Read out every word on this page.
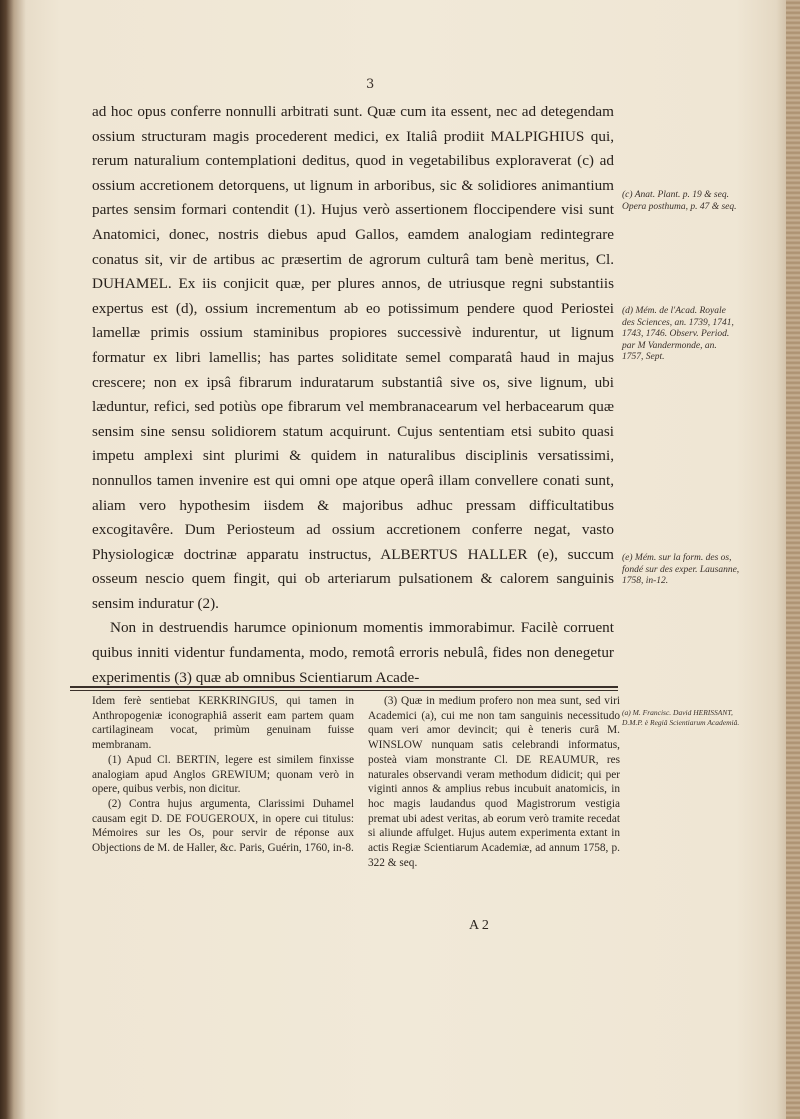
3

ad hoc opus conferre nonnulli arbitrati sunt. Quæ cum ita essent, nec ad detegendam ossium structuram magis procederent medici, ex Italiâ prodiit MALPIGHIUS qui, rerum naturalium contemplationi deditus, quod in vegetabilibus exploraverat (c) ad ossium accretionem detorquens, ut lignum in arboribus, sic & solidiores animantium partes sensim formari contendit (1). Hujus verò assertionem floccipendere visi sunt Anatomici, donec, nostris diebus apud Gallos, eamdem analogiam redintegrare conatus sit, vir de artibus ac præsertim de agrorum culturâ tam benè meritus, Cl. DUHAMEL. Ex iis conjicit quæ, per plures annos, de utriusque regni substantiis expertus est (d), ossium incrementum ab eo potissimum pendere quod Periostei lamellæ primis ossium staminibus propiores successivè indurentur, ut lignum formatur ex libri lamellis; has partes soliditate semel comparatâ haud in majus crescere; non ex ipsâ fibrarum induratarum substantiâ sive os, sive lignum, ubi læduntur, refici, sed potiùs ope fibrarum vel membranacearum vel herbacearum quæ sensim sine sensu solidiorem statum acquirunt. Cujus sententiam etsi subito quasi impetu amplexi sint plurimi & quidem in naturalibus disciplinis versatissimi, nonnullos tamen invenire est qui omni ope atque operâ illam convellere conati sunt, aliam vero hypothesim iisdem & majoribus adhuc pressam difficultatibus excogitavêre. Dum Periosteum ad ossium accretionem conferre negat, vasto Physiologicæ doctrinæ apparatu instructus, ALBERTUS HALLER (e), succum osseum nescio quem fingit, qui ob arteriarum pulsationem & calorem sanguinis sensim induratur (2).

Non in destruendis harumce opinionum momentis immorabimur. Facilè corruent quibus inniti videntur fundamenta, modo, remotâ erroris nebulâ, fides non denegetur experimentis (3) quæ ab omnibus Scientiarum Acade-

(c) Anat. Plant. p. 19 & seq. Opera posthuma, p. 47 & seq.
(d) Mém. de l'Acad. Royale des Sciences, an. 1739, 1741, 1743, 1746. Observ. Period. par M Vandermonde, an. 1757, Sept.
(e) Mém. sur la form. des os, fondé sur des exper. Lausanne, 1758, in-12.

Idem ferè sentiebat KERKRINGIUS, qui tamen in Anthropogeniæ iconographiâ asserit eam partem quam cartilagineam vocat, primùm genuinam fuisse membranam.

(1) Apud Cl. BERTIN, legere est similem finxisse analogiam apud Anglos GREWIUM; quonam verò in opere, quibus verbis, non dicitur.

(2) Contra hujus argumenta, Clarissimi Duhamel causam egit D. DE FOUGEROUX, in opere cui titulus: Mémoires sur les Os, pour servir de réponse aux Objections de M. de Haller, &c. Paris, Guérin, 1760, in-8.

(3) Quæ in medium profero non mea sunt, sed viri Academici (a), cui me non tam sanguinis necessitudo quam veri amor devincit; qui è teneris curâ M. WINSLOW nunquam satis celebrandi informatus, posteà viam monstrante Cl. DE REAUMUR, res naturales observandi veram methodum didicit; qui per viginti annos & amplius rebus incubuit anatomicis, in hoc magis laudandus quod Magistrorum vestigia premat ubi adest veritas, ab eorum verò tramite recedat si aliunde affulget. Hujus autem experimenta extant in actis Regiæ Scientiarum Academiæ, ad annum 1758, p. 322 & seq.

(a) M. Francisc. David HERISSANT, D.M.P. è Regiâ Scientiarum Academiâ.
A 2
